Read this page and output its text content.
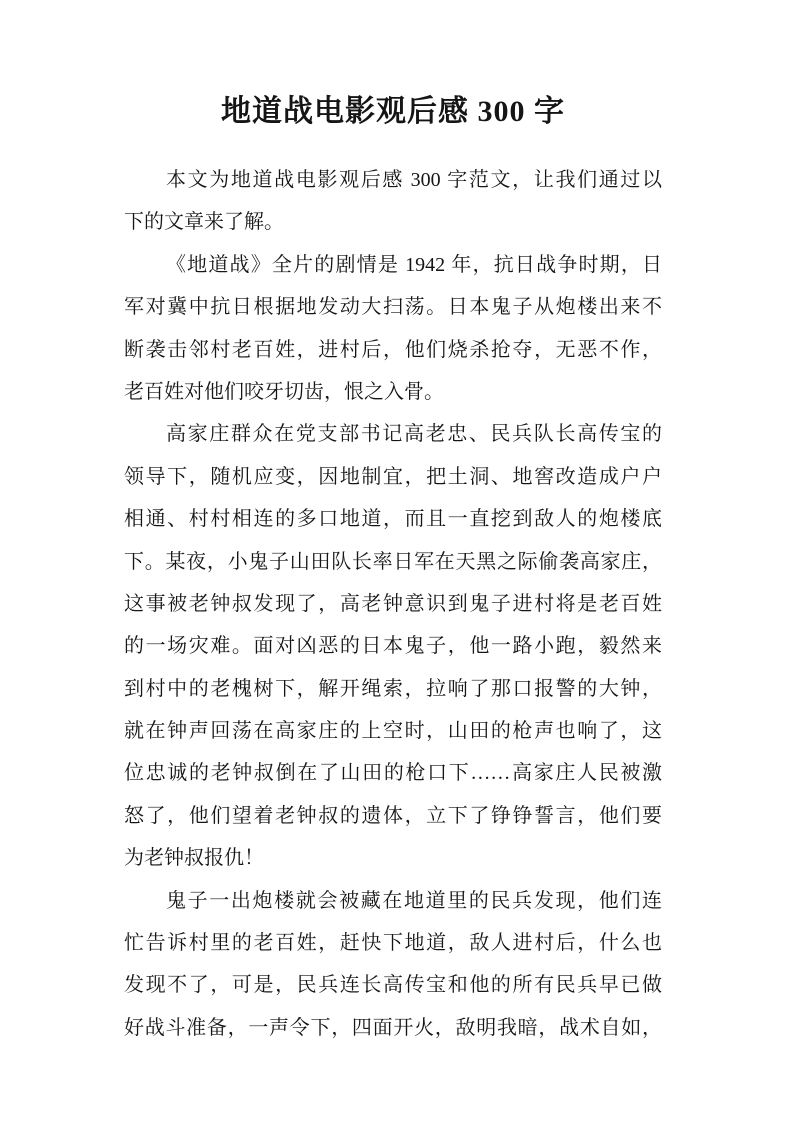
地道战电影观后感 300 字
本文为地道战电影观后感 300 字范文，让我们通过以
下的文章来了解。
《地道战》全片的剧情是 1942 年，抗日战争时期，日
军对冀中抗日根据地发动大扫荡。日本鬼子从炮楼出来不
断袭击邻村老百姓，进村后，他们烧杀抢夺，无恶不作，
老百姓对他们咬牙切齿，恨之入骨。
高家庄群众在党支部书记高老忠、民兵队长高传宝的
领导下，随机应变，因地制宜，把土洞、地窖改造成户户
相通、村村相连的多口地道，而且一直挖到敌人的炮楼底
下。某夜，小鬼子山田队长率日军在天黑之际偷袭高家庄，
这事被老钟叔发现了，高老钟意识到鬼子进村将是老百姓
的一场灾难。面对凶恶的日本鬼子，他一路小跑，毅然来
到村中的老槐树下，解开绳索，拉响了那口报警的大钟，
就在钟声回荡在高家庄的上空时，山田的枪声也响了，这
位忠诚的老钟叔倒在了山田的枪口下……高家庄人民被激
怒了，他们望着老钟叔的遗体，立下了铮铮誓言，他们要
为老钟叔报仇！
鬼子一出炮楼就会被藏在地道里的民兵发现，他们连
忙告诉村里的老百姓，赶快下地道，敌人进村后，什么也
发现不了，可是，民兵连长高传宝和他的所有民兵早已做
好战斗准备，一声令下，四面开火，敌明我暗，战术自如，
